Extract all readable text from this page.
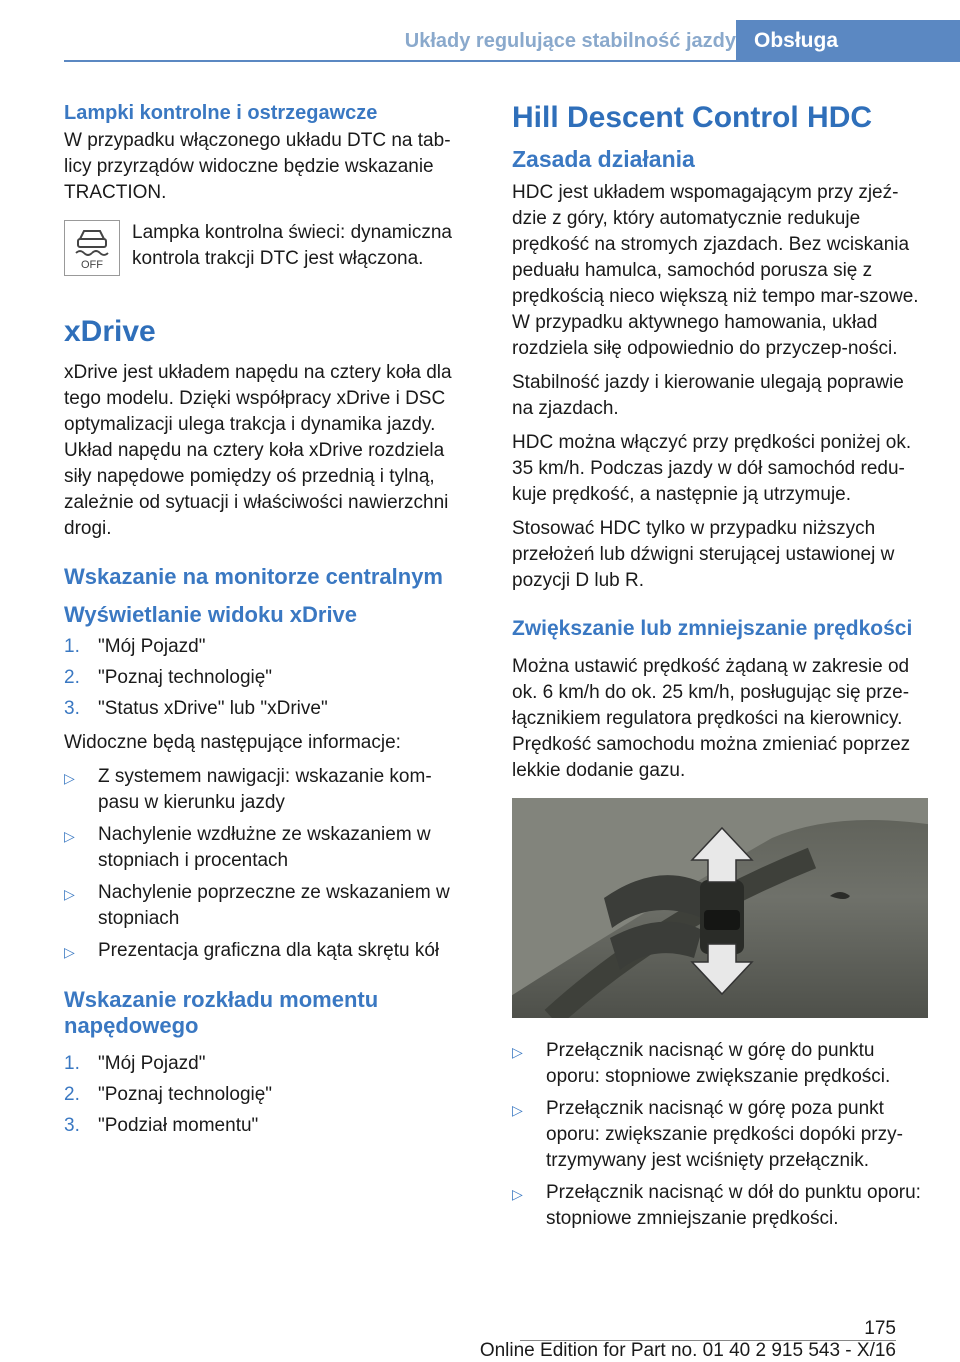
Układy regulujące stabilność jazdy Obsługa
Lampki kontrolne i ostrzegawcze

W przypadku włączonego układu DTC na tab‐licy przyrządów widoczne będzie wskazanie TRACTION.

OFF
Lampka kontrolna świeci: dynamiczna kontrola trakcji DTC jest włączona.
xDrive

xDrive jest układem napędu na cztery koła dla tego modelu. Dzięki współpracy xDrive i DSC optymalizacji ulega trakcja i dynamika jazdy. Układ napędu na cztery koła xDrive rozdziela siły napędowe pomiędzy oś przednią i tylną, zależnie od sytuacji i właściwości nawierzchni drogi.

Wskazanie na monitorze centralnym
Wyświetlanie widoku xDrive
1. "Mój Pojazd"
2. "Poznaj technologię"
3. "Status xDrive" lub "xDrive"

Widoczne będą następujące informacje:

▷	Z systemem nawigacji: wskazanie kom‐pasu w kierunku jazdy
▷	Nachylenie wzdłużne ze wskazaniem w stopniach i procentach
▷	Nachylenie poprzeczne ze wskazaniem w stopniach
▷	Prezentacja graficzna dla kąta skrętu kół
Wskazanie rozkładu momentu napędowego
1. "Mój Pojazd"
2. "Poznaj technologię"
3. "Podział momentu"
Hill Descent Control HDC
Zasada działania

HDC jest układem wspomagającym przy zjeź‐dzie z góry, który automatycznie redukuje prędkość na stromych zjazdach. Bez wciskania peduału hamulca, samochód porusza się z prędkością nieco większą niż tempo mar‐szowe. W przypadku aktywnego hamowania, układ rozdziela siłę odpowiednio do przyczep‐ności.

Stabilność jazdy i kierowanie ulegają poprawie na zjazdach.

HDC można włączyć przy prędkości poniżej ok. 35 km/h. Podczas jazdy w dół samochód redu‐kuje prędkość, a następnie ją utrzymuje.

Stosować HDC tylko w przypadku niższych przełożeń lub dźwigni sterującej ustawionej w pozycji D lub R.

Zwiększanie lub zmniejszanie prędkości

Można ustawić prędkość żądaną w zakresie od ok. 6 km/h do ok. 25 km/h, posługując się prze‐łącznikiem regulatora prędkości na kierownicy. Prędkość samochodu można zmieniać poprzez lekkie dodanie gazu.

▷	Przełącznik nacisnąć w górę do punktu oporu: stopniowe zwiększanie prędkości.
▷	Przełącznik nacisnąć w górę poza punkt oporu: zwiększanie prędkości dopóki przy‐trzymywany jest wciśnięty przełącznik.
▷	Przełącznik nacisnąć w dół do punktu oporu: stopniowe zmniejszanie prędkości.
175
Online Edition for Part no. 01 40 2 915 543 - X/16
